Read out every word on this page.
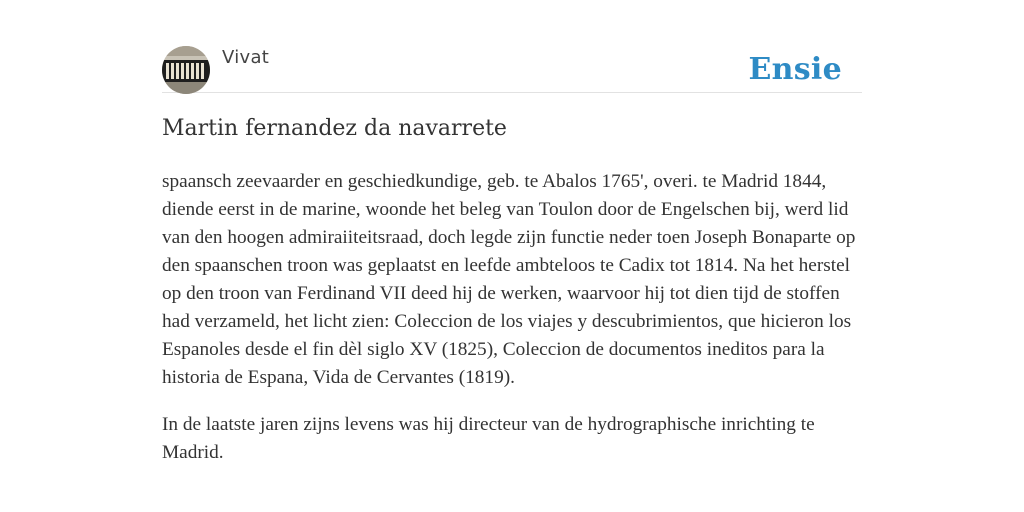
Vivat	Ensie
Martin fernandez da navarrete

spaansch zeevaarder en geschiedkundige, geb. te Abalos 1765', overi. te Madrid 1844, diende eerst in de marine, woonde het beleg van Toulon door de Engelschen bij, werd lid van den hoogen admiraiiteitsraad, doch legde zijn functie neder toen Joseph Bonaparte op den spaanschen troon was geplaatst en leefde ambteloos te Cadix tot 1814. Na het herstel op den troon van Ferdinand VII deed hij de werken, waarvoor hij tot dien tijd de stoffen had verzameld, het licht zien: Coleccion de los viajes y descubrimientos, que hicieron los Espanoles desde el fin dèl siglo XV (1825), Coleccion de documentos ineditos para la historia de Espana, Vida de Cervantes (1819).

In de laatste jaren zijns levens was hij directeur van de hydrographische inrichting te Madrid.
